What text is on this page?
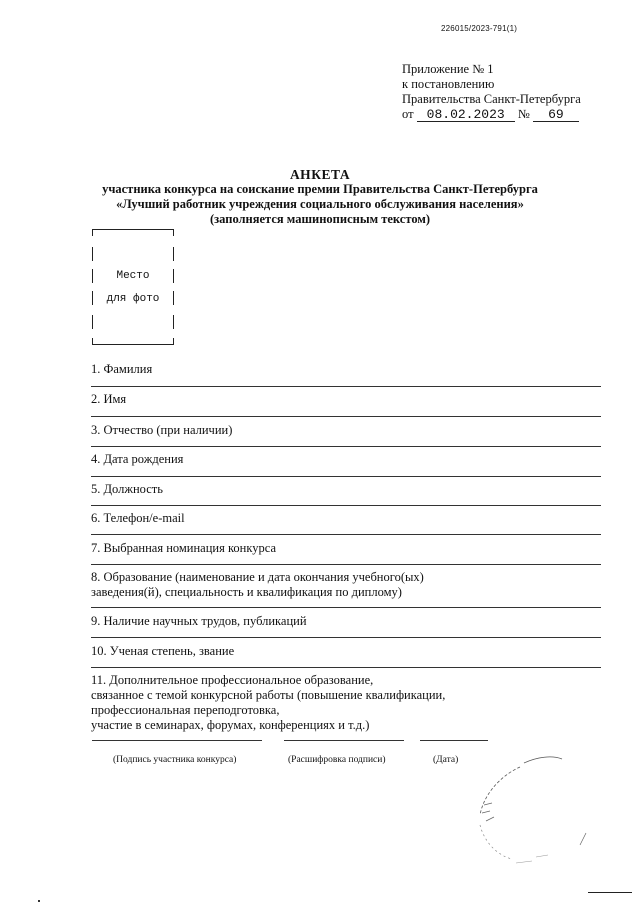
226015/2023-791(1)
Приложение № 1
к постановлению
Правительства Санкт-Петербурга
от 08.02.2023 № 69
АНКЕТА
участника конкурса на соискание премии Правительства Санкт-Петербурга
«Лучший работник учреждения социального обслуживания населения»
(заполняется машинописным текстом)
Место
для фото
1. Фамилия
2. Имя
3. Отчество (при наличии)
4. Дата рождения
5. Должность
6. Телефон/e-mail
7. Выбранная номинация конкурса
8. Образование (наименование и дата окончания учебного(ых)
заведения(й), специальность и квалификация по диплому)
9. Наличие научных трудов, публикаций
10. Ученая степень, звание
11. Дополнительное профессиональное образование,
связанное с темой конкурсной работы (повышение квалификации,
профессиональная переподготовка,
участие в семинарах, форумах, конференциях и т.д.)
(Подпись участника конкурса)	(Расшифровка подписи)	(Дата)
